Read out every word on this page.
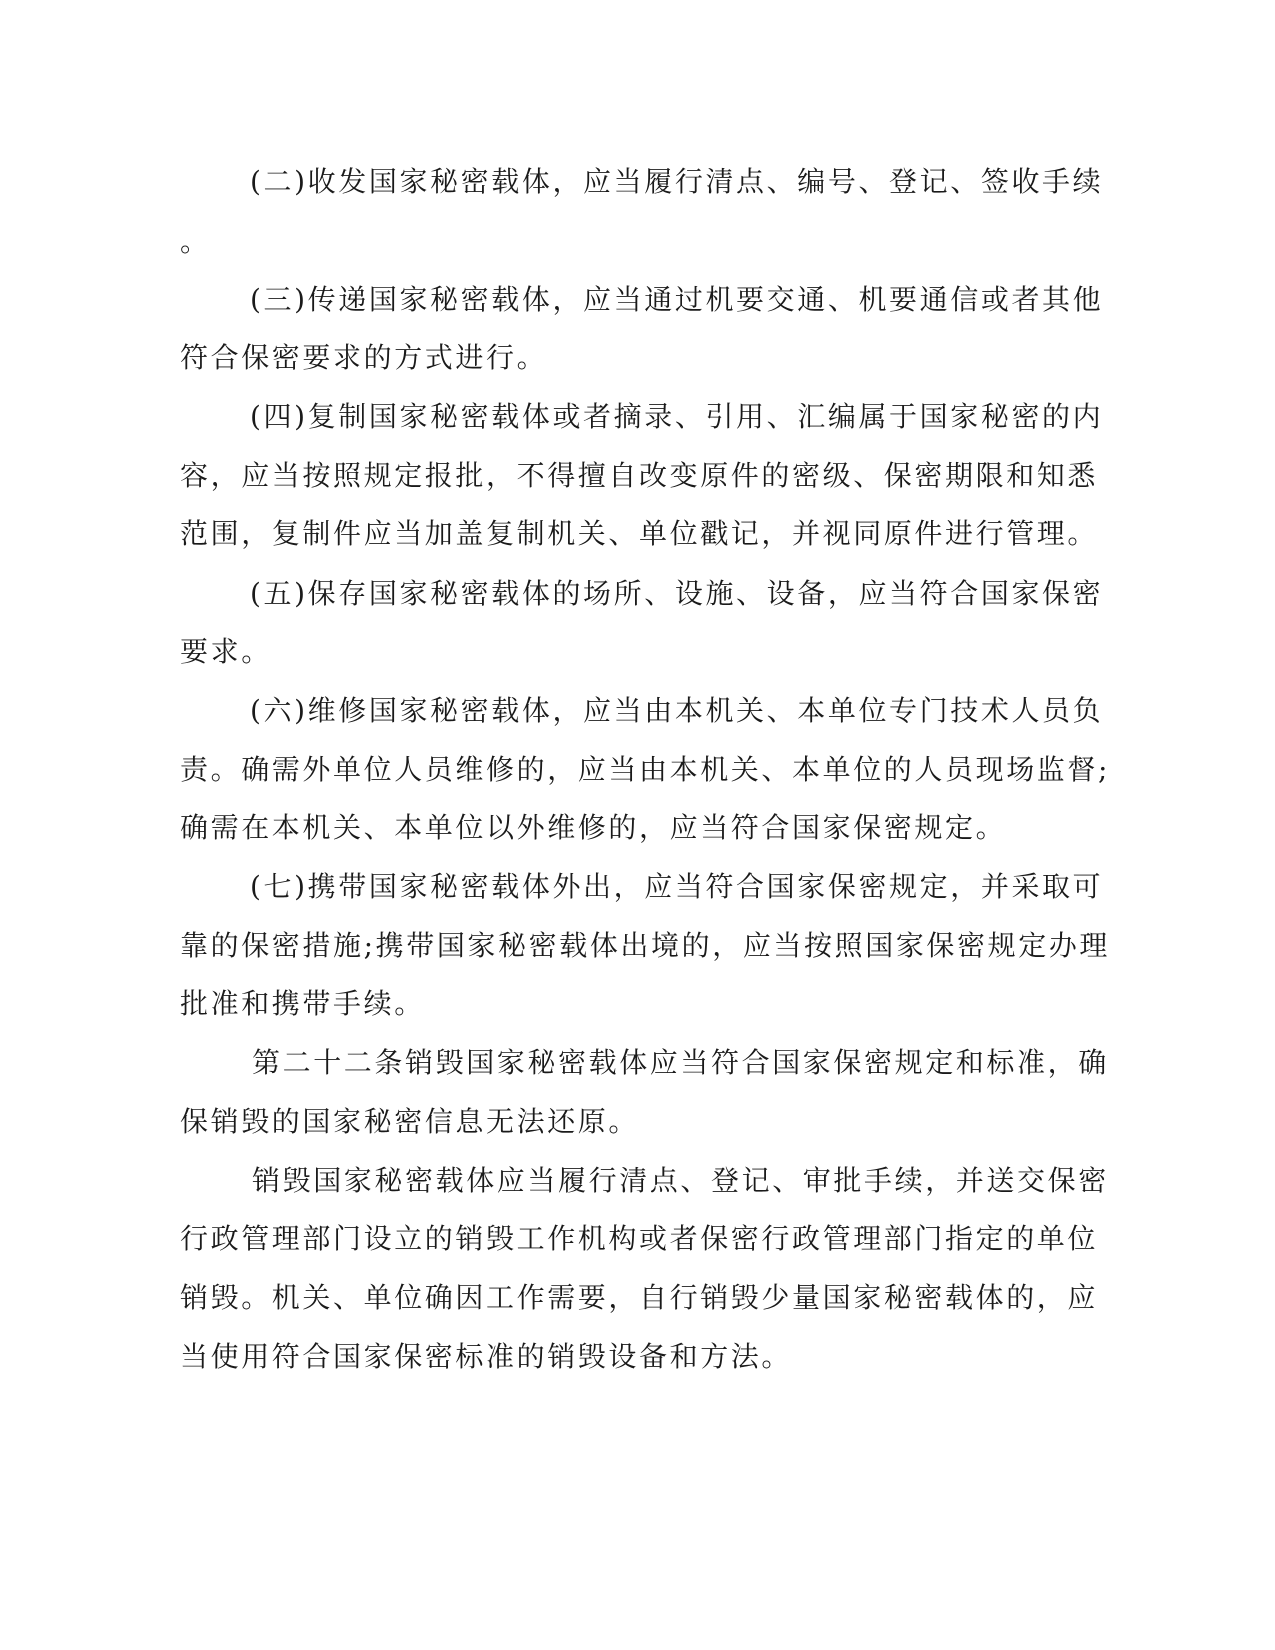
(二)收发国家秘密载体，应当履行清点、编号、登记、签收手续
。
(三)传递国家秘密载体，应当通过机要交通、机要通信或者其他
符合保密要求的方式进行。
(四)复制国家秘密载体或者摘录、引用、汇编属于国家秘密的内
容，应当按照规定报批，不得擅自改变原件的密级、保密期限和知悉
范围，复制件应当加盖复制机关、单位戳记，并视同原件进行管理。
(五)保存国家秘密载体的场所、设施、设备，应当符合国家保密
要求。
(六)维修国家秘密载体，应当由本机关、本单位专门技术人员负
责。确需外单位人员维修的，应当由本机关、本单位的人员现场监督;
确需在本机关、本单位以外维修的，应当符合国家保密规定。
(七)携带国家秘密载体外出，应当符合国家保密规定，并采取可
靠的保密措施;携带国家秘密载体出境的，应当按照国家保密规定办理
批准和携带手续。
第二十二条销毁国家秘密载体应当符合国家保密规定和标准，确
保销毁的国家秘密信息无法还原。
销毁国家秘密载体应当履行清点、登记、审批手续，并送交保密
行政管理部门设立的销毁工作机构或者保密行政管理部门指定的单位
销毁。机关、单位确因工作需要，自行销毁少量国家秘密载体的，应
当使用符合国家保密标准的销毁设备和方法。
